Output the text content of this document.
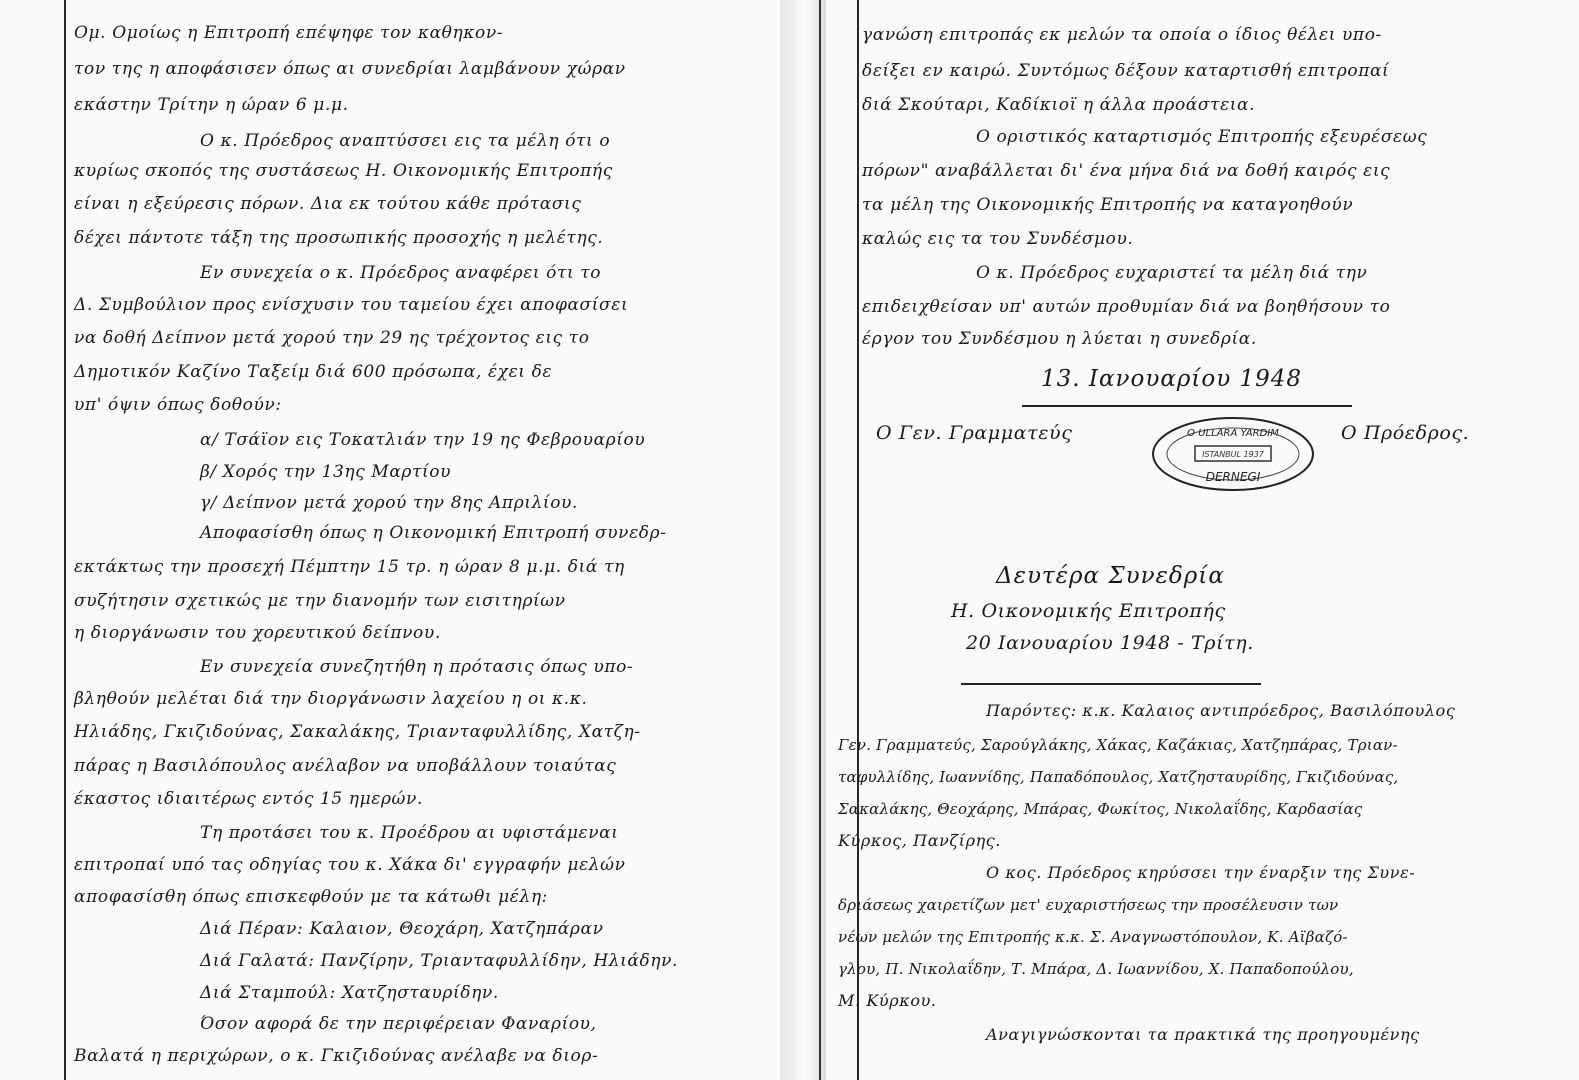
Ομ. Ομοίως η Επιτροπή επέψηφε τον καθηκον-
τον της η αποφάσισεν όπως αι συνεδρίαι λαμβάνουν χώραν
εκάστην Τρίτην η ώραν 6 μ.μ.
Ο κ. Πρόεδρος αναπτύσσει εις τα μέλη ότι ο
κυρίως σκοπός της συστάσεως Η. Οικονομικής Επιτροπής
είναι η εξεύρεσις πόρων. Δια εκ τούτου κάθε πρότασις
δέχει πάντοτε τάξη της προσωπικής προσοχής η μελέτης.
Εν συνεχεία ο κ. Πρόεδρος αναφέρει ότι το
Δ. Συμβούλιον προς ενίσχυσιν του ταμείου έχει αποφασίσει
να δοθή Δείπνον μετά χορού την 29 ης τρέχοντος εις το
Δημοτικόν Καζίνο Ταξείμ διά 600 πρόσωπα, έχει δε
υπ' όψιν όπως δοθούν:
α/ Τσάϊον εις Τοκατλιάν την 19 ης Φεβρουαρίου
β/ Χορός την 13ης Μαρτίου
γ/ Δείπνον μετά χορού την 8ης Απριλίου.
Αποφασίσθη όπως η Οικονομική Επιτροπή συνεδρ-
εκτάκτως την προσεχή Πέμπτην 15 τρ. η ώραν 8 μ.μ. διά τη
συζήτησιν σχετικώς με την διανομήν των εισιτηρίων
η διοργάνωσιν του χορευτικού δείπνου.
Εν συνεχεία συνεζητήθη η πρότασις όπως υπο-
βληθούν μελέται διά την διοργάνωσιν λαχείου η οι κ.κ.
Ηλιάδης, Γκιζιδούνας, Σακαλάκης, Τριανταφυλλίδης, Χατζη-
πάρας η Βασιλόπουλος ανέλαβον να υποβάλλουν τοιαύτας
έκαστος ιδιαιτέρως εντός 15 ημερών.
Τη προτάσει του κ. Προέδρου αι υφιστάμεναι
επιτροπαί υπό τας οδηγίας του κ. Χάκα δι' εγγραφήν μελών
αποφασίσθη όπως επισκεφθούν με τα κάτωθι μέλη:
Διά Πέραν: Καλαιον, Θεοχάρη, Χατζηπάραν
Διά Γαλατά: Πανζίρην, Τριανταφυλλίδην, Ηλιάδην.
Διά Σταμπούλ: Χατζησταυρίδην.
Όσον αφορά δε την περιφέρειαν Φαναρίου,
Βαλατά η περιχώρων, ο κ. Γκιζιδούνας ανέλαβε να διορ-
γανώση επιτροπάς εκ μελών τα οποία ο ίδιος θέλει υπο-
δείξει εν καιρώ. Συντόμως δέξουν καταρτισθή επιτροπαί
διά Σκούταρι, Καδίκιοϊ η άλλα προάστεια.
Ο οριστικός καταρτισμός Επιτροπής εξευρέσεως
πόρων" αναβάλλεται δι' ένα μήνα διά να δοθή καιρός εις
τα μέλη της Οικονομικής Επιτροπής να καταγοηθούν
καλώς εις τα του Συνδέσμου.
Ο κ. Πρόεδρος ευχαριστεί τα μέλη διά την
επιδειχθείσαν υπ' αυτών προθυμίαν διά να βοηθήσουν το
έργον του Συνδέσμου η λύεται η συνεδρία.
13. Ιανουαρίου 1948
Ο Γεν. Γραμματεύς	Ο Πρόεδρος.
O ULLARA YARDIM
ISTANBUL 1937
DERNEGI
Δευτέρα Συνεδρία
Η. Οικονομικής Επιτροπής
20 Ιανουαρίου 1948 - Τρίτη.
Παρόντες: κ.κ. Καλαιος αντιπρόεδρος, Βασιλόπουλος
Γεν. Γραμματεύς, Σαρούγλάκης, Χάκας, Καζάκιας, Χατζηπάρας, Τριαν-
ταφυλλίδης, Ιωαννίδης, Παπαδόπουλος, Χατζησταυρίδης, Γκιζιδούνας,
Σακαλάκης, Θεοχάρης, Μπάρας, Φωκίτος, Νικολαΐδης, Καρδασίας
Κύρκος, Πανζίρης.
Ο κος. Πρόεδρος κηρύσσει την έναρξιν της Συνε-
δριάσεως χαιρετίζων μετ' ευχαριστήσεως την προσέλευσιν των
νέων μελών της Επιτροπής κ.κ. Σ. Αναγνωστόπουλον, Κ. Αϊβαζό-
γλου, Π. Νικολαΐδην, Τ. Μπάρα, Δ. Ιωαννίδου, Χ. Παπαδοπούλου,
Μ. Κύρκου.
Αναγιγνώσκονται τα πρακτικά της προηγουμένης
